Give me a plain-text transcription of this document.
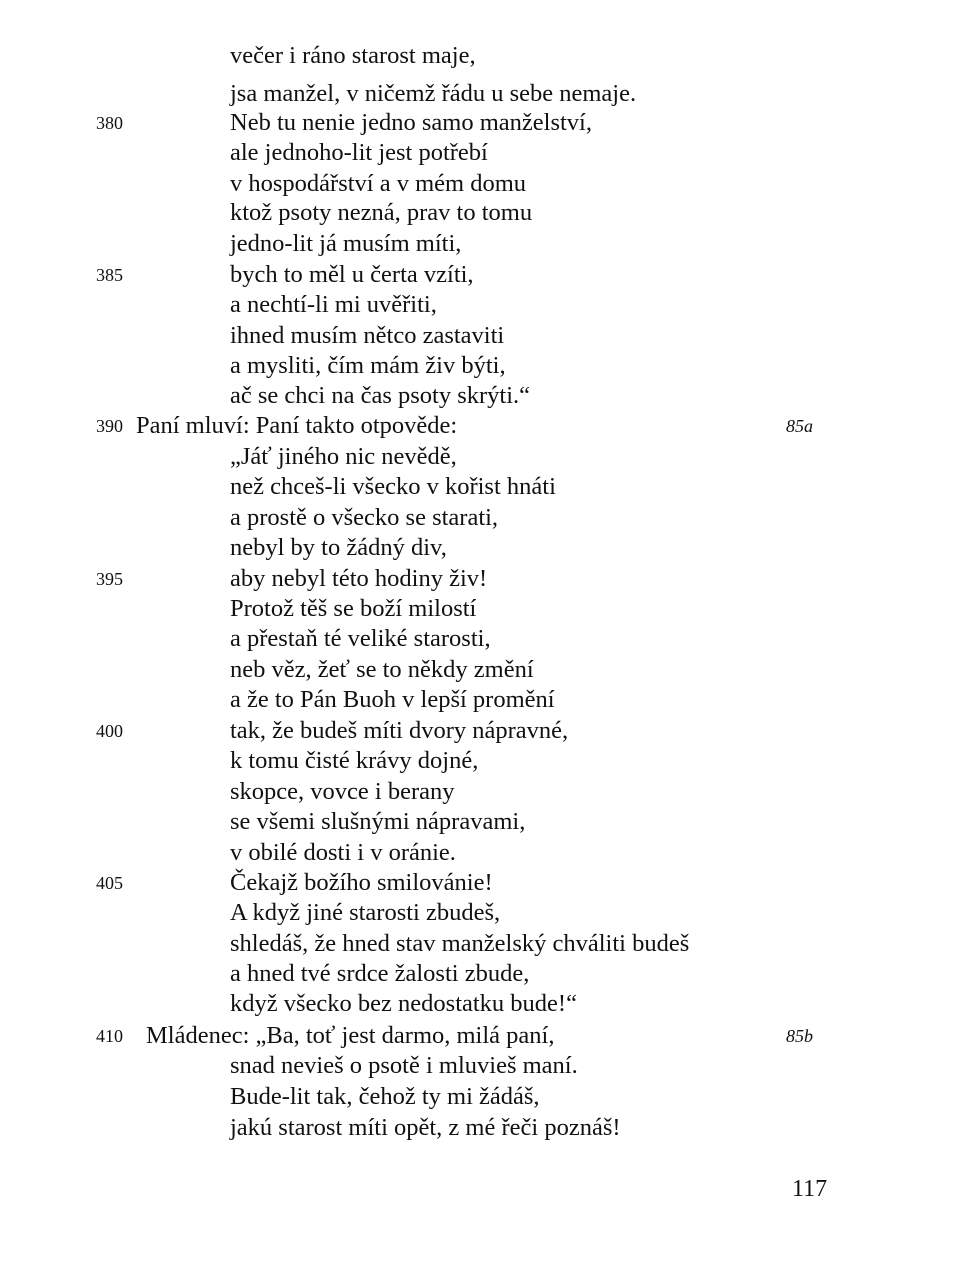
večer i ráno starost maje,
jsa manžel, v ničemž řádu u sebe nemaje.
380	Neb tu nenie jedno samo manželství,
ale jednoho-lit jest potřebí
v hospodářství a v mém domu
ktož psoty nezná, prav to tomu
jedno-lit já musím míti,
385	bych to měl u čerta vzíti,
a nechtí-li mi uvěřiti,
ihned musím nětco zastaviti
a mysliti, čím mám živ býti,
ač se chci na čas psoty skrýti.“
390 Paní mluví: Paní takto otpověde:	85a
„Jáť jiného nic nevědě,
než chceš-li všecko v kořist hnáti
a prostě o všecko se starati,
nebyl by to žádný div,
395	aby nebyl této hodiny živ!
Protož těš se boží milostí
a přestaň té veliké starosti,
neb věz, žeť se to někdy změní
a že to Pán Buoh v lepší promění
400	tak, že budeš míti dvory nápravné,
k tomu čisté krávy dojné,
skopce, vovce i berany
se všemi slušnými nápravami,
v obilé dosti i v oránie.
405	Čekajž božího smilovánie!
A když jiné starosti zbudeš,
shledáš, že hned stav manželský chváliti budeš
a hned tvé srdce žalosti zbude,
když všecko bez nedostatku bude!“
410 Mládenec: „Ba, toť jest darmo, milá paní,	85b
snad nevieš o psotě i mluvieš maní.
Bude-lit tak, čehož ty mi žádáš,
jakú starost míti opět, z mé řeči poznáš!
117
